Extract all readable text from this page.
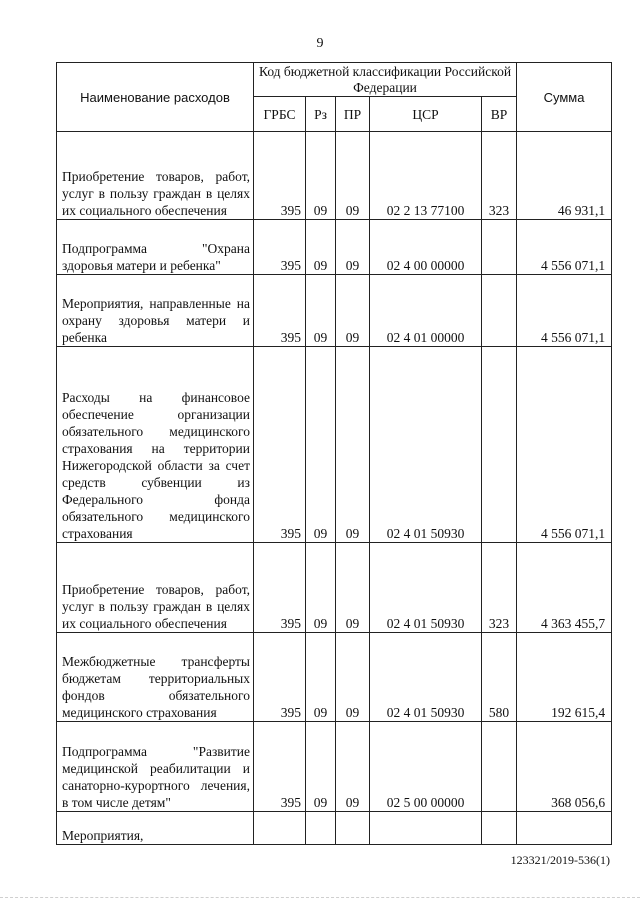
9
Наименование расходов	Код бюджетной классификации Российской Федерации					Сумма
	ГРБС	Рз	ПР	ЦСР	ВР	

Приобретение товаров, работ, услуг в пользу граждан в целях их социального обеспечения	395	09	09	02 2 13 77100	323	46 931,1

Подпрограмма "Охрана здоровья матери и ребенка"	395	09	09	02 4 00 00000		4 556 071,1

Мероприятия, направленные на охрану здоровья матери и ребенка	395	09	09	02 4 01 00000		4 556 071,1

Расходы на финансовое обеспечение организации обязательного медицинского страхования на территории Нижегородской области за счет средств субвенции из Федерального фонда обязательного медицинского страхования	395	09	09	02 4 01 50930		4 556 071,1

Приобретение товаров, работ, услуг в пользу граждан в целях их социального обеспечения	395	09	09	02 4 01 50930	323	4 363 455,7

Межбюджетные трансферты бюджетам территориальных фондов обязательного медицинского страхования	395	09	09	02 4 01 50930	580	192 615,4

Подпрограмма "Развитие медицинской реабилитации и санаторно-курортного лечения, в том числе детям"	395	09	09	02 5 00 00000		368 056,6

Мероприятия,						

123321/2019-536(1)
